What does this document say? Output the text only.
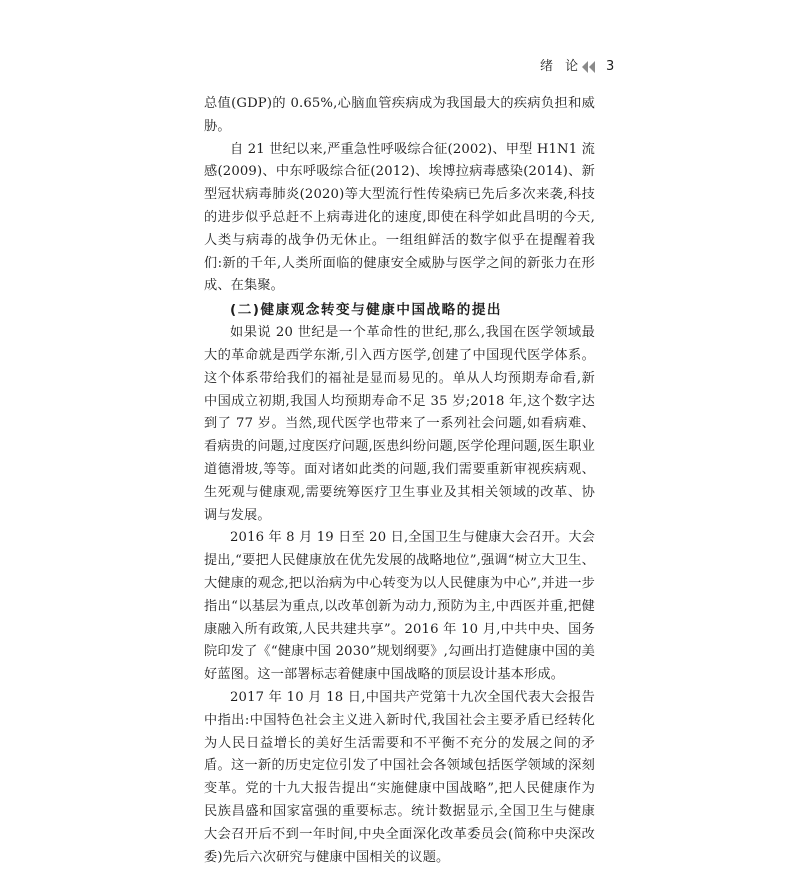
绪 论 3

总值(GDP)的 0.65%,心脑血管疾病成为我国最大的疾病负担和威胁。

自 21 世纪以来,严重急性呼吸综合征(2002)、甲型 H1N1 流感(2009)、中东呼吸综合征(2012)、埃博拉病毒感染(2014)、新型冠状病毒肺炎(2020)等大型流行性传染病已先后多次来袭,科技的进步似乎总赶不上病毒进化的速度,即使在科学如此昌明的今天,人类与病毒的战争仍无休止。一组组鲜活的数字似乎在提醒着我们:新的千年,人类所面临的健康安全威胁与医学之间的新张力在形成、在集聚。

(二)健康观念转变与健康中国战略的提出

如果说 20 世纪是一个革命性的世纪,那么,我国在医学领域最大的革命就是西学东渐,引入西方医学,创建了中国现代医学体系。这个体系带给我们的福祉是显而易见的。单从人均预期寿命看,新中国成立初期,我国人均预期寿命不足 35 岁;2018 年,这个数字达到了 77 岁。当然,现代医学也带来了一系列社会问题,如看病难、看病贵的问题,过度医疗问题,医患纠纷问题,医学伦理问题,医生职业道德滑坡,等等。面对诸如此类的问题,我们需要重新审视疾病观、生死观与健康观,需要统筹医疗卫生事业及其相关领域的改革、协调与发展。

2016 年 8 月 19 日至 20 日,全国卫生与健康大会召开。大会提出,“要把人民健康放在优先发展的战略地位”,强调“树立大卫生、大健康的观念,把以治病为中心转变为以人民健康为中心”,并进一步指出“以基层为重点,以改革创新为动力,预防为主,中西医并重,把健康融入所有政策,人民共建共享”。2016 年 10 月,中共中央、国务院印发了《“健康中国 2030”规划纲要》,勾画出打造健康中国的美好蓝图。这一部署标志着健康中国战略的顶层设计基本形成。

2017 年 10 月 18 日,中国共产党第十九次全国代表大会报告中指出:中国特色社会主义进入新时代,我国社会主要矛盾已经转化为人民日益增长的美好生活需要和不平衡不充分的发展之间的矛盾。这一新的历史定位引发了中国社会各领域包括医学领域的深刻变革。党的十九大报告提出“实施健康中国战略”,把人民健康作为民族昌盛和国家富强的重要标志。统计数据显示,全国卫生与健康大会召开后不到一年时间,中央全面深化改革委员会(简称中央深改委)先后六次研究与健康中国相关的议题。
